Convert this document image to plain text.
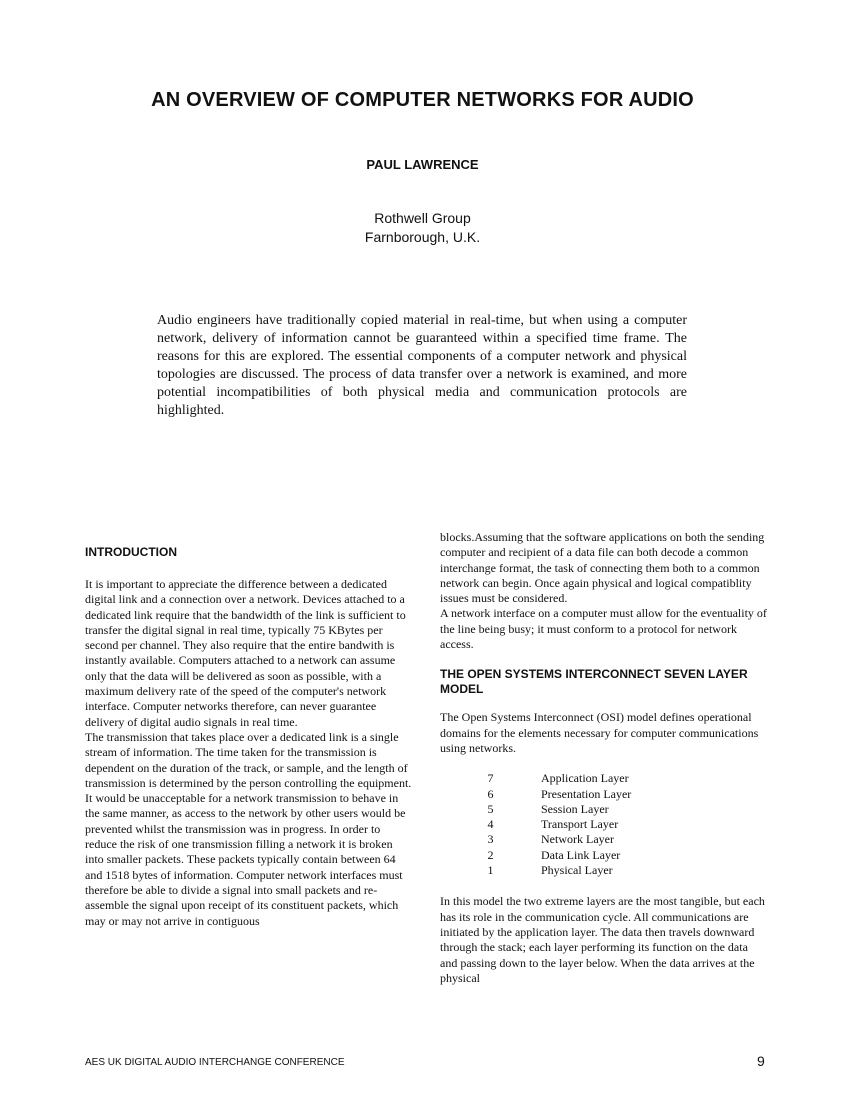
AN OVERVIEW OF COMPUTER NETWORKS FOR AUDIO
PAUL LAWRENCE
Rothwell Group
Farnborough, U.K.

Audio engineers have traditionally copied material in real-time, but when using a computer network, delivery of information cannot be guaranteed within a specified time frame. The reasons for this are explored. The essential components of a computer network and physical topologies are discussed. The process of data transfer over a network is examined, and more potential incompatibilities of both physical media and communication protocols are highlighted.

INTRODUCTION

It is important to appreciate the difference between a dedicated digital link and a connection over a network. Devices attached to a dedicated link require that the bandwidth of the link is sufficient to transfer the digital signal in real time, typically 75 KBytes per second per channel. They also require that the entire bandwith is instantly available. Computers attached to a network can assume only that the data will be delivered as soon as possible, with a maximum delivery rate of the speed of the computer's network interface. Computer networks therefore, can never guarantee delivery of digital audio signals in real time.

The transmission that takes place over a dedicated link is a single stream of information. The time taken for the transmission is dependent on the duration of the track, or sample, and the length of transmission is determined by the person controlling the equipment. It would be unacceptable for a network transmission to behave in the same manner, as access to the network by other users would be prevented whilst the transmission was in progress. In order to reduce the risk of one transmission filling a network it is broken into smaller packets. These packets typically contain between 64 and 1518 bytes of information. Computer network interfaces must therefore be able to divide a signal into small packets and re-assemble the signal upon receipt of its constituent packets, which may or may not arrive in contiguous

blocks.Assuming that the software applications on both the sending computer and recipient of a data file can both decode a common interchange format, the task of connecting them both to a common network can begin. Once again physical and logical compatiblity issues must be considered.

A network interface on a computer must allow for the eventuality of the line being busy; it must conform to a protocol for network access.

THE OPEN SYSTEMS INTERCONNECT SEVEN LAYER MODEL

The Open Systems Interconnect (OSI) model defines operational domains for the elements necessary for computer communications using networks.

7	Application Layer
6	Presentation Layer
5	Session Layer
4	Transport Layer
3	Network Layer
2	Data Link Layer
1	Physical Layer

In this model the two extreme layers are the most tangible, but each has its role in the communication cycle. All communications are initiated by the application layer. The data then travels downward through the stack; each layer performing its function on the data and passing down to the layer below. When the data arrives at the physical

AES UK DIGITAL AUDIO INTERCHANGE CONFERENCE	9
